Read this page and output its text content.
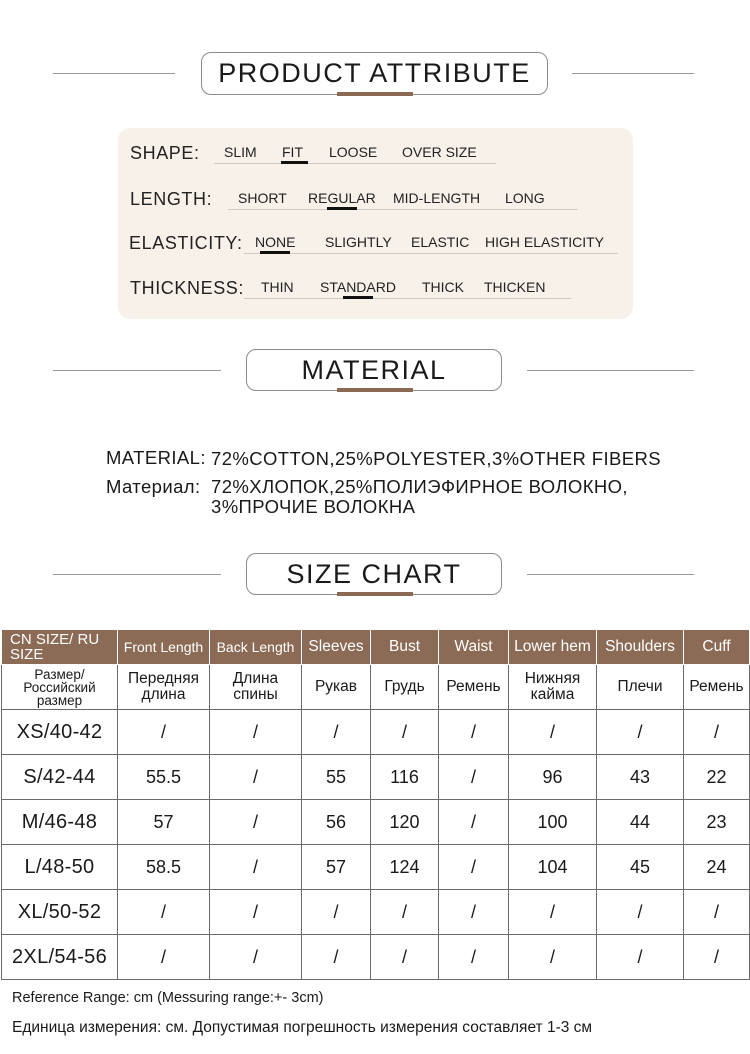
PRODUCT ATTRIBUTE
SHAPE: SLIM FIT LOOSE OVER SIZE
LENGTH: SHORT REGULAR MID-LENGTH LONG
ELASTICITY: NONE SLIGHTLY ELASTIC HIGH ELASTICITY
THICKNESS: THIN STANDARD THICK THICKEN
MATERIAL
MATERIAL: 72%COTTON,25%POLYESTER,3%OTHER FIBERS
Материал: 72%ХЛОПОК,25%ПОЛИЭФИРНОЕ ВОЛОКНО,
3%ПРОЧИЕ ВОЛОКНА
SIZE CHART
CN SIZE/ RU SIZE	Front Length	Back Length	Sleeves	Bust	Waist	Lower hem	Shoulders	Cuff
Размер/ Российский размер	Передняя длина	Длина спины	Рукав	Грудь	Ремень	Нижняя кайма	Плечи	Ремень
XS/40-42	/	/	/	/	/	/	/	/
S/42-44	55.5	/	55	116	/	96	43	22
M/46-48	57	/	56	120	/	100	44	23
L/48-50	58.5	/	57	124	/	104	45	24
XL/50-52	/	/	/	/	/	/	/	/
2XL/54-56	/	/	/	/	/	/	/	/
Reference Range: cm (Messuring range:+- 3cm)
Единица измерения: см. Допустимая погрешность измерения составляет 1-3 см
